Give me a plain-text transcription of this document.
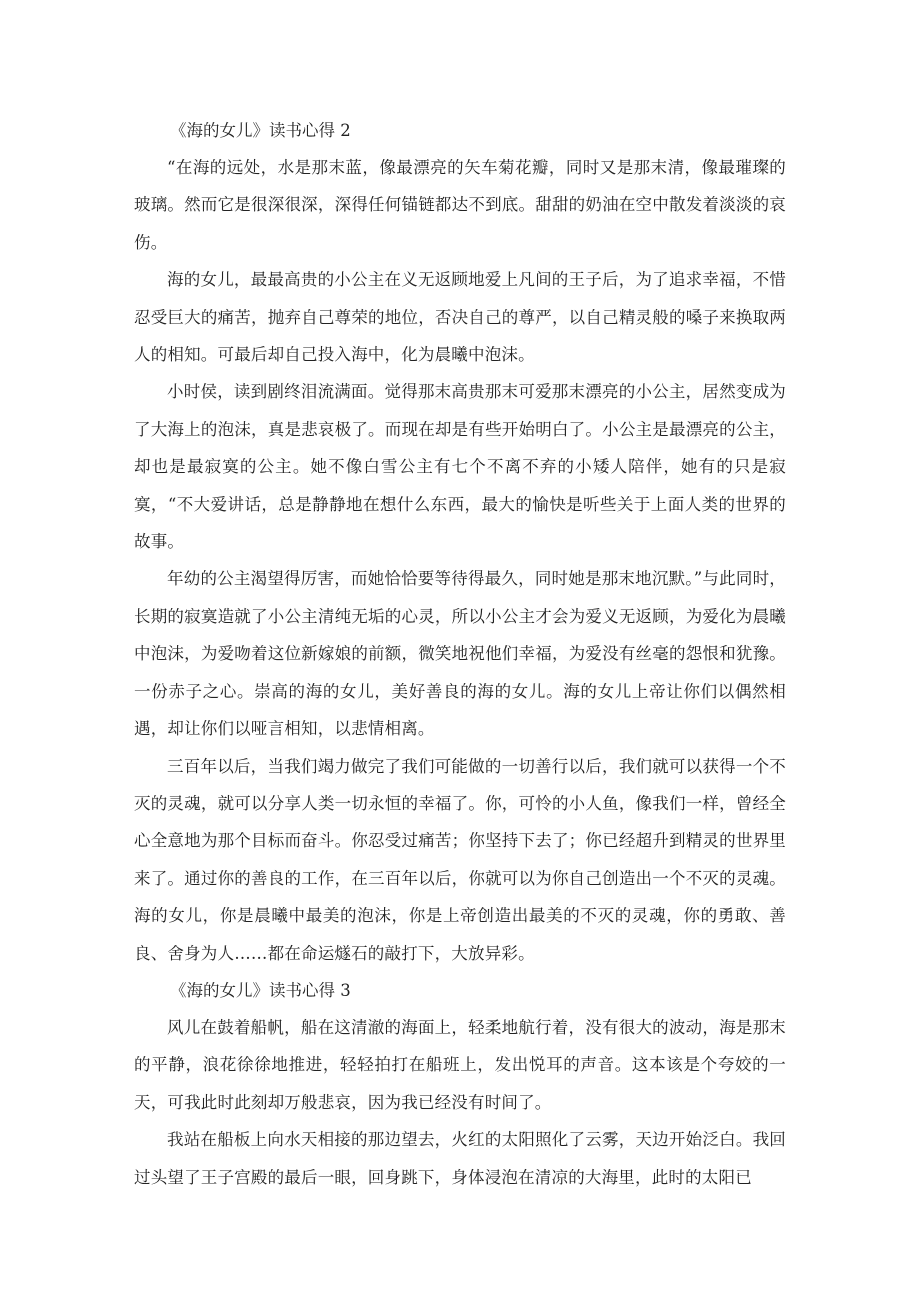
《海的女儿》读书心得 2

“在海的远处，水是那末蓝，像最漂亮的矢车菊花瓣，同时又是那末清，像最璀璨的玻璃。然而它是很深很深，深得任何锚链都达不到底。甜甜的奶油在空中散发着淡淡的哀伤。

海的女儿，最最高贵的小公主在义无返顾地爱上凡间的王子后，为了追求幸福，不惜忍受巨大的痛苦，抛弃自己尊荣的地位，否决自己的尊严，以自己精灵般的嗓子来换取两人的相知。可最后却自己投入海中，化为晨曦中泡沫。

小时侯，读到剧终泪流满面。觉得那末高贵那末可爱那末漂亮的小公主，居然变成为了大海上的泡沫，真是悲哀极了。而现在却是有些开始明白了。小公主是最漂亮的公主，却也是最寂寞的公主。她不像白雪公主有七个不离不弃的小矮人陪伴，她有的只是寂寞，“不大爱讲话，总是静静地在想什么东西，最大的愉快是听些关于上面人类的世界的故事。

年幼的公主渴望得厉害，而她恰恰要等待得最久，同时她是那末地沉默。”与此同时，长期的寂寞造就了小公主清纯无垢的心灵，所以小公主才会为爱义无返顾，为爱化为晨曦中泡沫，为爱吻着这位新嫁娘的前额，微笑地祝他们幸福，为爱没有丝毫的怨恨和犹豫。一份赤子之心。崇高的海的女儿，美好善良的海的女儿。海的女儿上帝让你们以偶然相遇，却让你们以哑言相知，以悲情相离。

三百年以后，当我们竭力做完了我们可能做的一切善行以后，我们就可以获得一个不灭的灵魂，就可以分享人类一切永恒的幸福了。你，可怜的小人鱼，像我们一样，曾经全心全意地为那个目标而奋斗。你忍受过痛苦；你坚持下去了；你已经超升到精灵的世界里来了。通过你的善良的工作，在三百年以后，你就可以为你自己创造出一个不灭的灵魂。海的女儿，你是晨曦中最美的泡沫，你是上帝创造出最美的不灭的灵魂，你的勇敢、善良、舍身为人……都在命运燧石的敲打下，大放异彩。

《海的女儿》读书心得 3

风儿在鼓着船帆，船在这清澈的海面上，轻柔地航行着，没有很大的波动，海是那末的平静，浪花徐徐地推进，轻轻拍打在船班上，发出悦耳的声音。这本该是个夸姣的一天，可我此时此刻却万般悲哀，因为我已经没有时间了。

我站在船板上向水天相接的那边望去，火红的太阳照化了云雾，天边开始泛白。我回过头望了王子宫殿的最后一眼，回身跳下，身体浸泡在清凉的大海里，此时的太阳已
